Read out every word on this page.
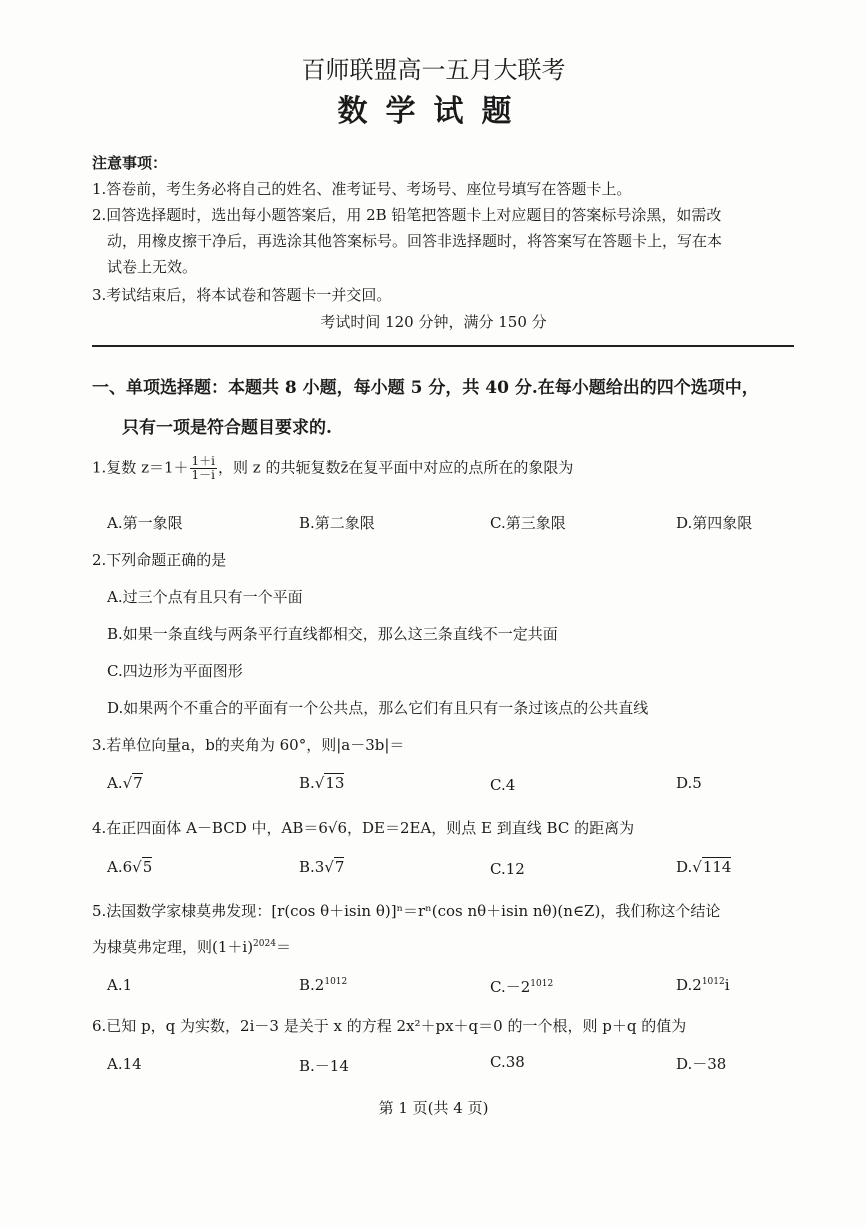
百师联盟高一五月大联考
数学试题
注意事项：
1.答卷前，考生务必将自己的姓名、准考证号、考场号、座位号填写在答题卡上。
2.回答选择题时，选出每小题答案后，用 2B 铅笔把答题卡上对应题目的答案标号涂黑，如需改
动，用橡皮擦干净后，再选涂其他答案标号。回答非选择题时，将答案写在答题卡上，写在本
试卷上无效。
3.考试结束后，将本试卷和答题卡一并交回。
考试时间 120 分钟，满分 150 分
一、单项选择题：本题共 8 小题，每小题 5 分，共 40 分.在每小题给出的四个选项中，
只有一项是符合题目要求的.
1.复数 $z=1+ \frac{1+i}{1-i}$ ，则 z 的共轭复数z̄在复平面中对应的点所在的象限为
A.第一象限	B.第二象限	C.第三象限	D.第四象限
2.下列命题正确的是
A.过三个点有且只有一个平面
B.如果一条直线与两条平行直线都相交，那么这三条直线不一定共面
C.四边形为平面图形
D.如果两个不重合的平面有一个公共点，那么它们有且只有一条过该点的公共直线
3.若单位向量a，b的夹角为 60°，则|a－3b|＝
A.√7	B.√13	C.4	D.5
4.在正四面体 A－BCD 中，AB＝6√6，DE＝2EA，则点 E 到直线 BC 的距离为
A.6√5	B.3√7	C.12	D.√114
5.法国数学家棣莫弗发现：[r(cos θ＋isin θ)]ⁿ＝rⁿ(cos nθ＋isin nθ)(n∈Z)，我们称这个结论
为棣莫弗定理，则$(1+i)^{2024}=$
A.1	$B.2^{1012}$	$C.-2^{1012}$	$D.2^{1012}i$
6.已知 p，q 为实数，2i－3 是关于 x 的方程 2x²＋px＋q＝0 的一个根，则 p＋q 的值为
A.14	B.－14	C.38	D.－38
第 1 页(共 4 页)
